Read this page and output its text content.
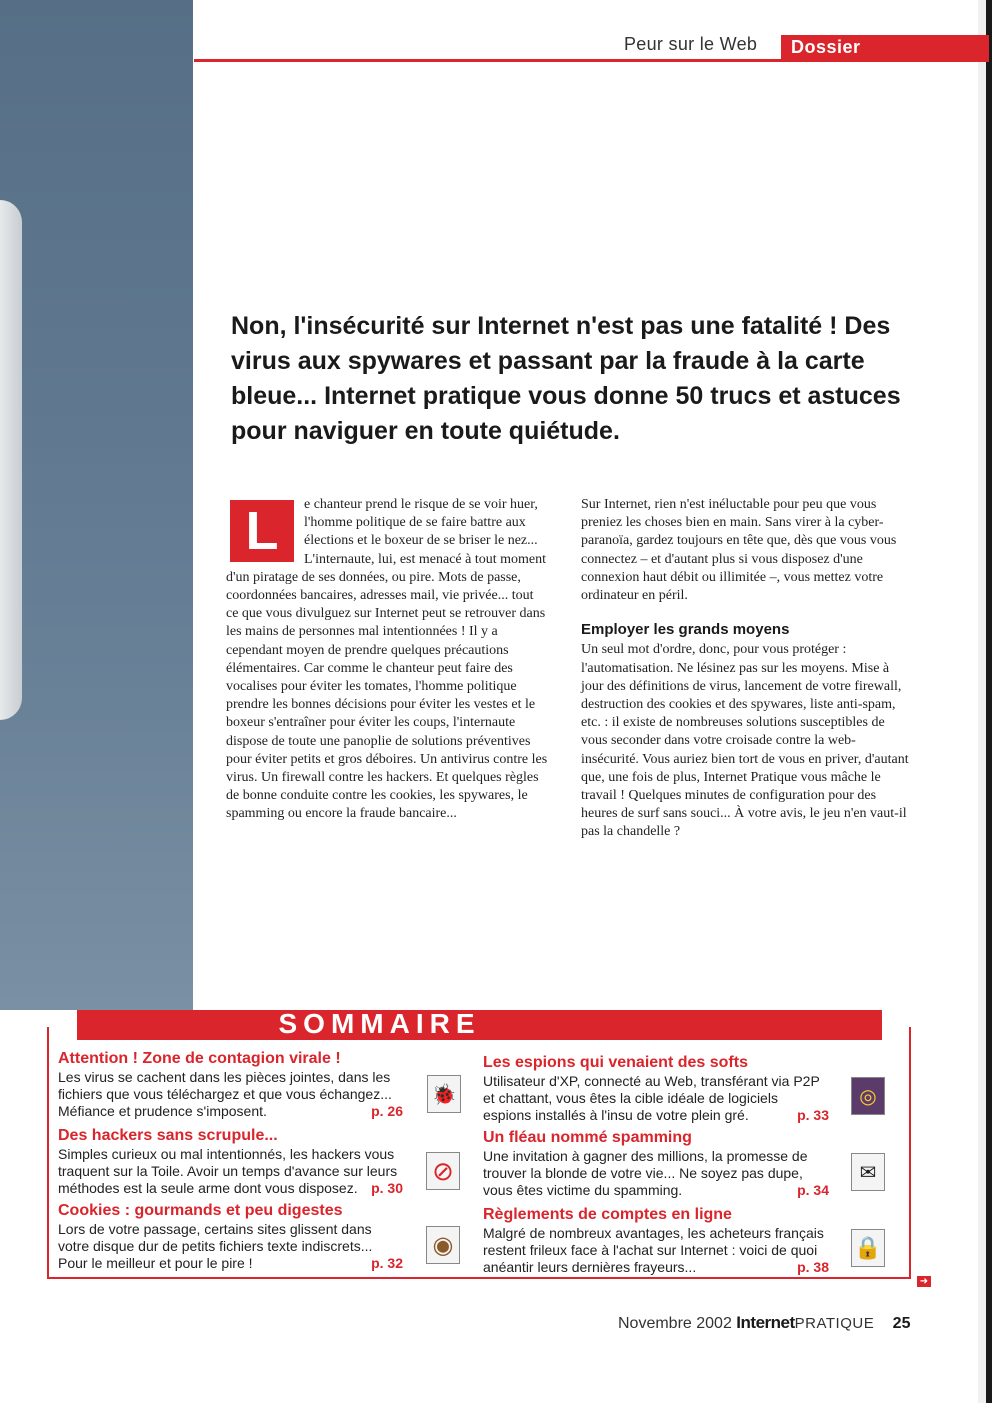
Peur sur le Web	Dossier
Non, l'insécurité sur Internet n'est pas une fatalité ! Des virus aux spywares et passant par la fraude à la carte bleue... Internet pratique vous donne 50 trucs et astuces pour naviguer en toute quiétude.
L	e chanteur prend le risque de se voir huer, l'homme politique de se faire battre aux élections et le boxeur de se briser le nez... L'internaute, lui, est menacé à tout moment d'un piratage de ses données, ou pire. Mots de passe, coordonnées bancaires, adresses mail, vie privée... tout ce que vous divulguez sur Internet peut se retrouver dans les mains de personnes mal intentionnées ! Il y a cependant moyen de prendre quelques précautions élémentaires. Car comme le chanteur peut faire des vocalises pour éviter les tomates, l'homme politique prendre les bonnes décisions pour éviter les vestes et le boxeur s'entraîner pour éviter les coups, l'internaute dispose de toute une panoplie de solutions préventives pour éviter petits et gros déboires. Un antivirus contre les virus. Un firewall contre les hackers. Et quelques règles de bonne conduite contre les cookies, les spywares, le spamming ou encore la fraude bancaire...

Sur Internet, rien n'est inéluctable pour peu que vous preniez les choses bien en main. Sans virer à la cyber-paranoïa, gardez toujours en tête que, dès que vous vous connectez – et d'autant plus si vous disposez d'une connexion haut débit ou illimitée –, vous mettez votre ordinateur en péril.

Employer les grands moyens

Un seul mot d'ordre, donc, pour vous protéger : l'automatisation. Ne lésinez pas sur les moyens. Mise à jour des définitions de virus, lancement de votre firewall, destruction des cookies et des spywares, liste anti-spam, etc. : il existe de nombreuses solutions susceptibles de vous seconder dans votre croisade contre la web-insécurité. Vous auriez bien tort de vous en priver, d'autant que, une fois de plus, Internet Pratique vous mâche le travail ! Quelques minutes de configuration pour des heures de surf sans souci... À votre avis, le jeu n'en vaut-il pas la chandelle ?

SOMMAIRE
Attention ! Zone de contagion virale !
Les virus se cachent dans les pièces jointes, dans les fichiers que vous téléchargez et que vous échangez... Méfiance et prudence s'imposent.	p. 26
Des hackers sans scrupule...
Simples curieux ou mal intentionnés, les hackers vous traquent sur la Toile. Avoir un temps d'avance sur leurs méthodes est la seule arme dont vous disposez. p. 30
Cookies : gourmands et peu digestes
Lors de votre passage, certains sites glissent dans votre disque dur de petits fichiers texte indiscrets... Pour le meilleur et pour le pire !	p. 32
Les espions qui venaient des softs
Utilisateur d'XP, connecté au Web, transférant via P2P et chattant, vous êtes la cible idéale de logiciels espions installés à l'insu de votre plein gré.	p. 33
Un fléau nommé spamming
Une invitation à gagner des millions, la promesse de trouver la blonde de votre vie... Ne soyez pas dupe, vous êtes victime du spamming.	p. 34
Règlements de comptes en ligne
Malgré de nombreux avantages, les acheteurs français restent frileux face à l'achat sur Internet : voici de quoi anéantir leurs dernières frayeurs...	p. 38
🐞
⊘
◉
◎
✉
🔒
➜
Novembre 2002 InternetPRATIQUE 25
